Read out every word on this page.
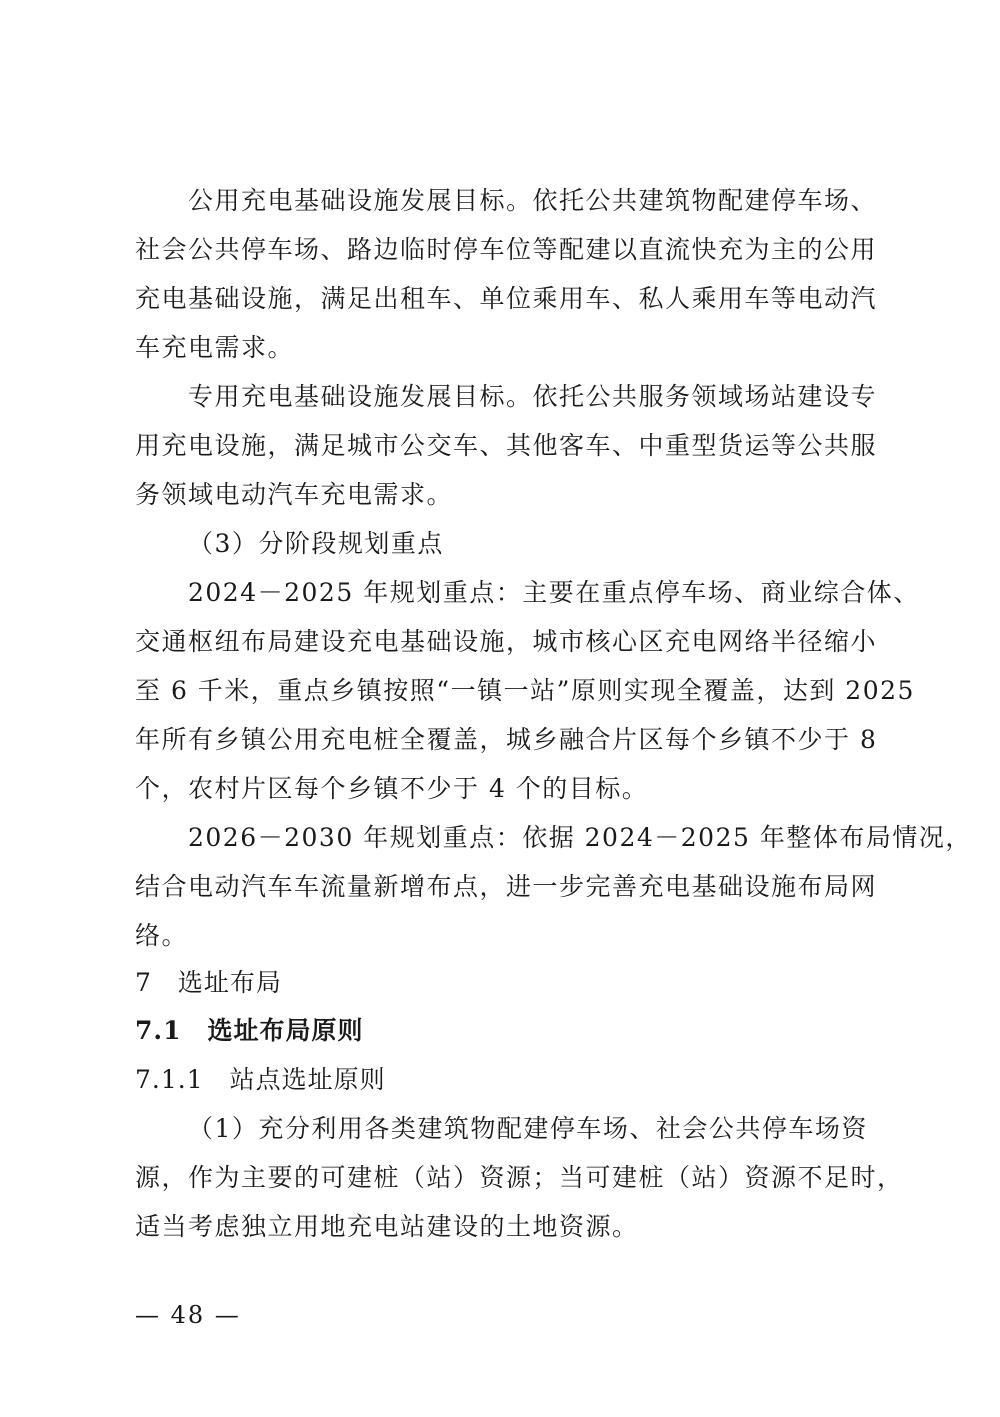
公用充电基础设施发展目标。依托公共建筑物配建停车场、
社会公共停车场、路边临时停车位等配建以直流快充为主的公用
充电基础设施，满足出租车、单位乘用车、私人乘用车等电动汽
车充电需求。
专用充电基础设施发展目标。依托公共服务领域场站建设专
用充电设施，满足城市公交车、其他客车、中重型货运等公共服
务领域电动汽车充电需求。
（3）分阶段规划重点
2024－2025 年规划重点：主要在重点停车场、商业综合体、
交通枢纽布局建设充电基础设施，城市核心区充电网络半径缩小
至 6 千米，重点乡镇按照“一镇一站”原则实现全覆盖，达到 2025
年所有乡镇公用充电桩全覆盖，城乡融合片区每个乡镇不少于 8
个，农村片区每个乡镇不少于 4 个的目标。
2026－2030 年规划重点：依据 2024－2025 年整体布局情况，
结合电动汽车车流量新增布点，进一步完善充电基础设施布局网
络。
7　选址布局
7.1　选址布局原则
7.1.1　站点选址原则
（1）充分利用各类建筑物配建停车场、社会公共停车场资
源，作为主要的可建桩（站）资源；当可建桩（站）资源不足时，
适当考虑独立用地充电站建设的土地资源。
— 48 —
